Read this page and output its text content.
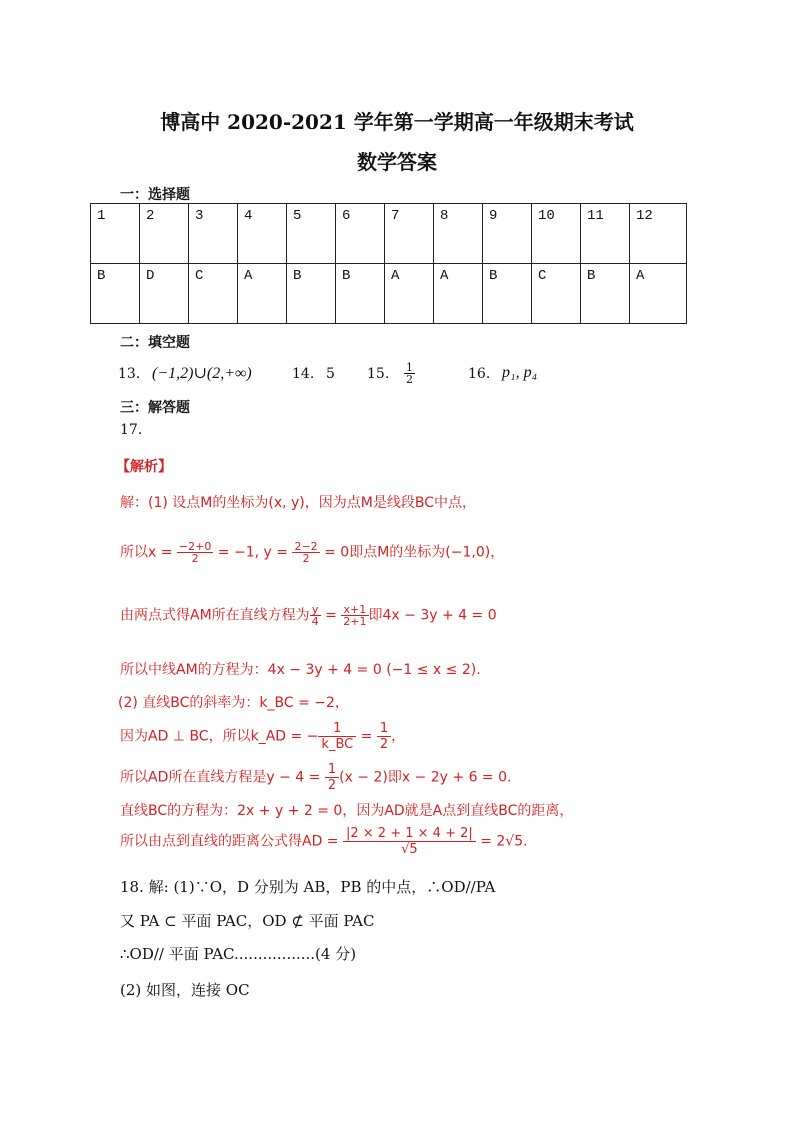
博高中 2020-2021 学年第一学期高一年级期末考试
数学答案
一：选择题
1	2	3	4	5	6	7	8	9	10	11	12
B	D	C	A	B	B	A	A	B	C	B	A
二：填空题
13. (−1,2)∪(2,+∞)	14. 5 15. $\frac{1}{2}$	16. p₁, p₄
三：解答题
17.
【解析】
解：(1) 设点M的坐标为(x, y)，因为点M是线段BC中点，
所以$x = \frac{-2+0}{2} = -1$, $y = \frac{2-2}{2} = 0$即点M的坐标为(−1,0)，
由两点式得AM所在直线方程为 $\frac{y}{4} = \frac{x+1}{2+1}$ 即4x − 3y + 4 = 0
所以中线AM的方程为：4x − 3y + 4 = 0 (−1 ≤ x ≤ 2).
(2) 直线BC的斜率为：k_BC = −2，
因为AD ⊥ BC，所以k_AD = − $\frac{1}{k\_BC} = \frac{1}{2}$ ，
所以AD所在直线方程是$y - 4 = \frac{1}{2} (x - 2)$即x − 2y + 6 = 0.
直线BC的方程为：2x + y + 2 = 0，因为AD就是A点到直线BC的距离，
所以由点到直线的距离公式得AD = $\frac{|2 \times 2 + 1 \times 4 + 2|}{√5} = 2√5$.
18. 解: (1)∵O，D 分别为 AB，PB 的中点，∴OD//PA
又 PA ⊂ 平面 PAC，OD ⊄ 平面 PAC
∴OD// 平面 PAC.................(4 分)
(2) 如图，连接 OC
